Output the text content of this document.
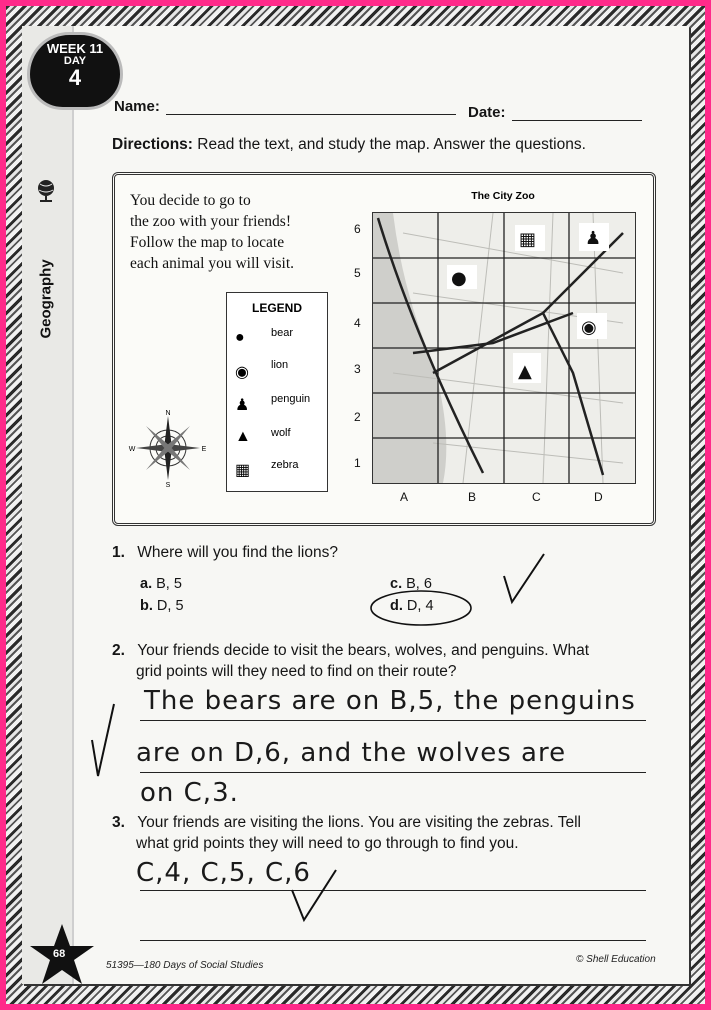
WEEK 11
DAY
4
Geography
Name:	Date:
Directions: Read the text, and study the map. Answer the questions.
You decide to go to
the zoo with your friends!
Follow the map to locate
each animal you will visit.
LEGEND
● bear
◉ lion
♟ penguin
▲ wolf
▦ zebra
N
S
E
W
The City Zoo
●
▦	♟
◉
▲
6
5
4
3
2
1
A	B	C	D
1. Where will you find the lions?
a. B, 5
b. D, 5
c. B, 6
d. D, 4
2. Your friends decide to visit the bears, wolves, and penguins. What
grid points will they need to find on their route?
The bears are on B,5, the penguins
are on D,6, and the wolves are
on C,3.
3. Your friends are visiting the lions. You are visiting the zebras. Tell
what grid points they will need to go through to find you.
C,4, C,5, C,6
68
51395—180 Days of Social Studies
© Shell Education
